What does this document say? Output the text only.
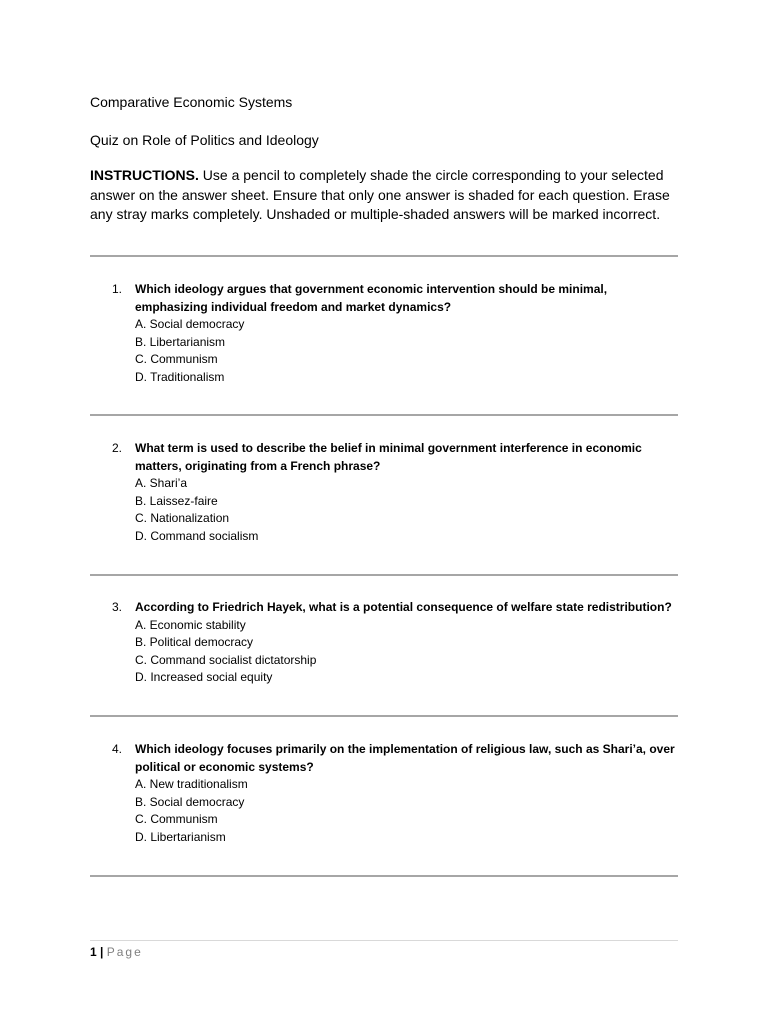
Comparative Economic Systems
Quiz on Role of Politics and Ideology
INSTRUCTIONS. Use a pencil to completely shade the circle corresponding to your selected answer on the answer sheet. Ensure that only one answer is shaded for each question. Erase any stray marks completely. Unshaded or multiple-shaded answers will be marked incorrect.
1.	Which ideology argues that government economic intervention should be minimal, emphasizing individual freedom and market dynamics?
A. Social democracy
B. Libertarianism
C. Communism
D. Traditionalism
2.	What term is used to describe the belief in minimal government interference in economic matters, originating from a French phrase?
A. Shari’a
B. Laissez-faire
C. Nationalization
D. Command socialism
3.	According to Friedrich Hayek, what is a potential consequence of welfare state redistribution?
A. Economic stability
B. Political democracy
C. Command socialist dictatorship
D. Increased social equity
4.	Which ideology focuses primarily on the implementation of religious law, such as Shari’a, over political or economic systems?
A. New traditionalism
B. Social democracy
C. Communism
D. Libertarianism
1 | Page
